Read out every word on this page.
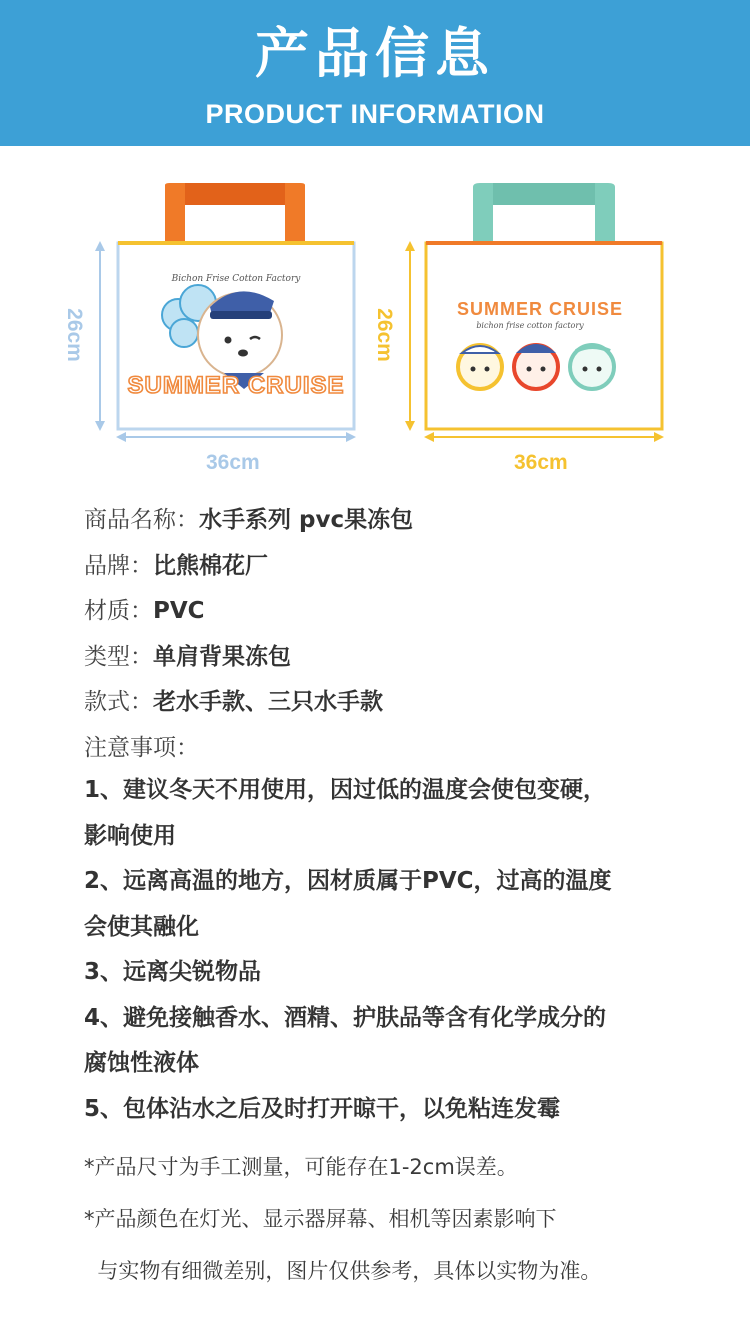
产品信息
PRODUCT INFORMATION
Bichon Frise Cotton Factory
SUMMER CRUISE
26cm
36cm
SUMMER CRUISE
bichon frise cotton factory
26cm
36cm
商品名称：水手系列 pvc果冻包
品牌：比熊棉花厂
材质：PVC
类型：单肩背果冻包
款式：老水手款、三只水手款
注意事项：
1、建议冬天不用使用，因过低的温度会使包变硬，
影响使用
2、远离高温的地方，因材质属于PVC，过高的温度
会使其融化
3、远离尖锐物品
4、避免接触香水、酒精、护肤品等含有化学成分的
腐蚀性液体
5、包体沾水之后及时打开晾干，以免粘连发霉
*产品尺寸为手工测量，可能存在1-2cm误差。
*产品颜色在灯光、显示器屏幕、相机等因素影响下
与实物有细微差别，图片仅供参考，具体以实物为准。
